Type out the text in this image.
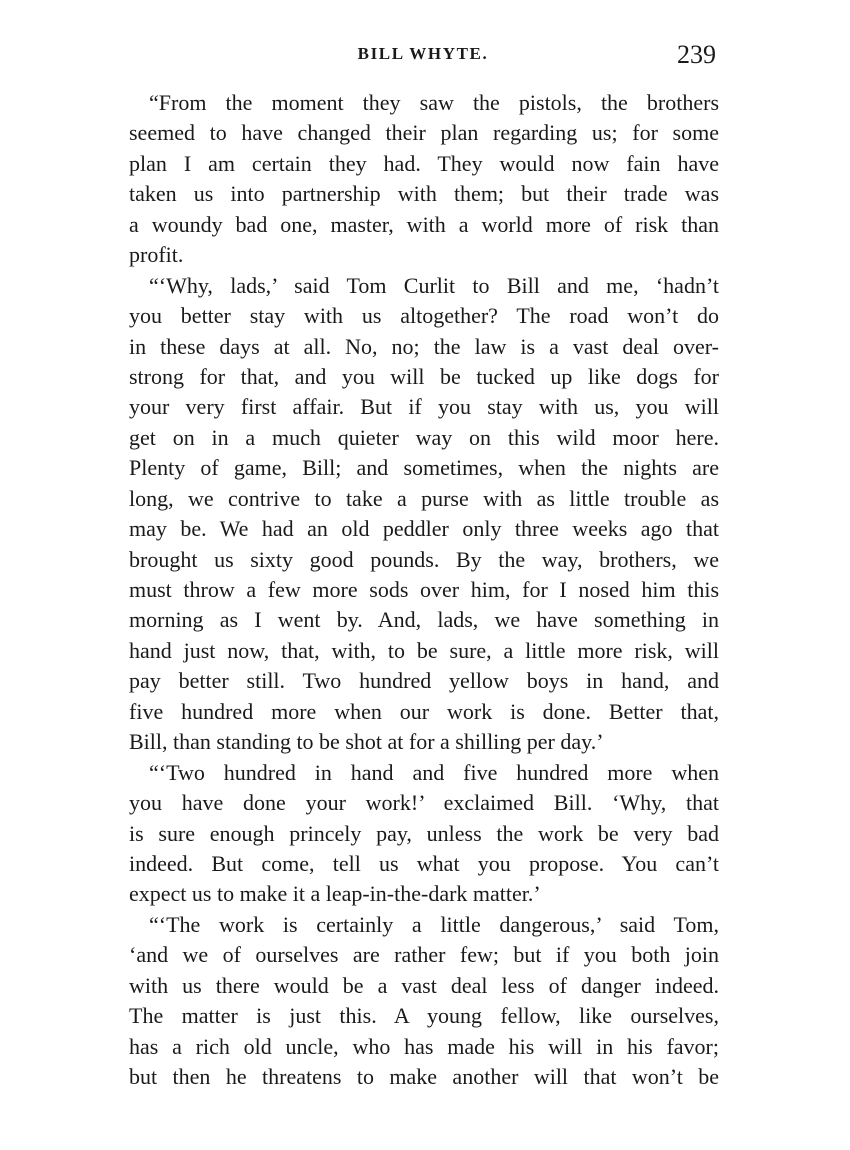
BILL WHYTE.	239
“From the moment they saw the pistols, the brothers
seemed to have changed their plan regarding us; for some
plan I am certain they had. They would now fain have
taken us into partnership with them; but their trade was
a woundy bad one, master, with a world more of risk than
profit.
“‘Why, lads,’ said Tom Curlit to Bill and me, ‘hadn’t
you better stay with us altogether? The road won’t do
in these days at all. No, no; the law is a vast deal over-
strong for that, and you will be tucked up like dogs for
your very first affair. But if you stay with us, you will
get on in a much quieter way on this wild moor here.
Plenty of game, Bill; and sometimes, when the nights are
long, we contrive to take a purse with as little trouble as
may be. We had an old peddler only three weeks ago that
brought us sixty good pounds. By the way, brothers, we
must throw a few more sods over him, for I nosed him this
morning as I went by. And, lads, we have something in
hand just now, that, with, to be sure, a little more risk, will
pay better still. Two hundred yellow boys in hand, and
five hundred more when our work is done. Better that,
Bill, than standing to be shot at for a shilling per day.’
“‘Two hundred in hand and five hundred more when
you have done your work!’ exclaimed Bill. ‘Why, that
is sure enough princely pay, unless the work be very bad
indeed. But come, tell us what you propose. You can’t
expect us to make it a leap-in-the-dark matter.’
“‘The work is certainly a little dangerous,’ said Tom,
‘and we of ourselves are rather few; but if you both join
with us there would be a vast deal less of danger indeed.
The matter is just this. A young fellow, like ourselves,
has a rich old uncle, who has made his will in his favor;
but then he threatens to make another will that won’t be
